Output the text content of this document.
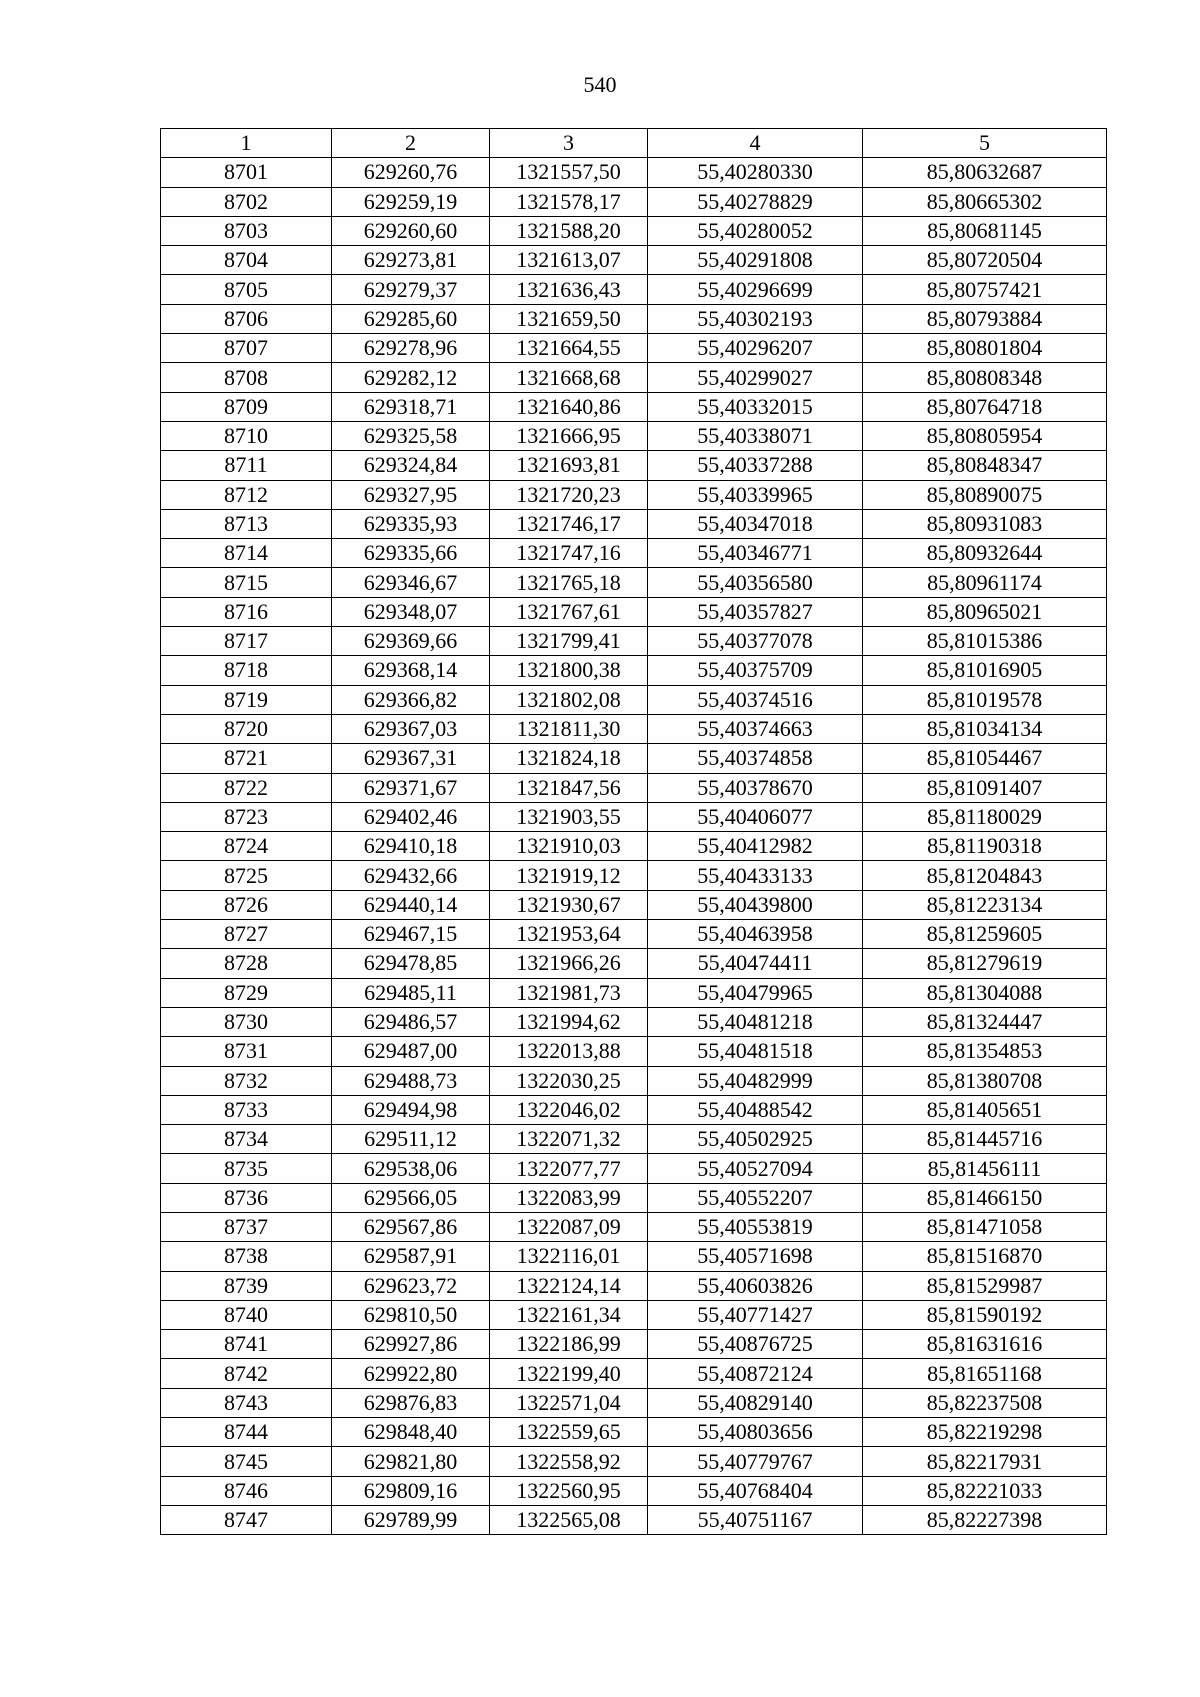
540
1	2	3	4	5
8701	629260,76	1321557,50	55,40280330	85,80632687
8702	629259,19	1321578,17	55,40278829	85,80665302
8703	629260,60	1321588,20	55,40280052	85,80681145
8704	629273,81	1321613,07	55,40291808	85,80720504
8705	629279,37	1321636,43	55,40296699	85,80757421
8706	629285,60	1321659,50	55,40302193	85,80793884
8707	629278,96	1321664,55	55,40296207	85,80801804
8708	629282,12	1321668,68	55,40299027	85,80808348
8709	629318,71	1321640,86	55,40332015	85,80764718
8710	629325,58	1321666,95	55,40338071	85,80805954
8711	629324,84	1321693,81	55,40337288	85,80848347
8712	629327,95	1321720,23	55,40339965	85,80890075
8713	629335,93	1321746,17	55,40347018	85,80931083
8714	629335,66	1321747,16	55,40346771	85,80932644
8715	629346,67	1321765,18	55,40356580	85,80961174
8716	629348,07	1321767,61	55,40357827	85,80965021
8717	629369,66	1321799,41	55,40377078	85,81015386
8718	629368,14	1321800,38	55,40375709	85,81016905
8719	629366,82	1321802,08	55,40374516	85,81019578
8720	629367,03	1321811,30	55,40374663	85,81034134
8721	629367,31	1321824,18	55,40374858	85,81054467
8722	629371,67	1321847,56	55,40378670	85,81091407
8723	629402,46	1321903,55	55,40406077	85,81180029
8724	629410,18	1321910,03	55,40412982	85,81190318
8725	629432,66	1321919,12	55,40433133	85,81204843
8726	629440,14	1321930,67	55,40439800	85,81223134
8727	629467,15	1321953,64	55,40463958	85,81259605
8728	629478,85	1321966,26	55,40474411	85,81279619
8729	629485,11	1321981,73	55,40479965	85,81304088
8730	629486,57	1321994,62	55,40481218	85,81324447
8731	629487,00	1322013,88	55,40481518	85,81354853
8732	629488,73	1322030,25	55,40482999	85,81380708
8733	629494,98	1322046,02	55,40488542	85,81405651
8734	629511,12	1322071,32	55,40502925	85,81445716
8735	629538,06	1322077,77	55,40527094	85,81456111
8736	629566,05	1322083,99	55,40552207	85,81466150
8737	629567,86	1322087,09	55,40553819	85,81471058
8738	629587,91	1322116,01	55,40571698	85,81516870
8739	629623,72	1322124,14	55,40603826	85,81529987
8740	629810,50	1322161,34	55,40771427	85,81590192
8741	629927,86	1322186,99	55,40876725	85,81631616
8742	629922,80	1322199,40	55,40872124	85,81651168
8743	629876,83	1322571,04	55,40829140	85,82237508
8744	629848,40	1322559,65	55,40803656	85,82219298
8745	629821,80	1322558,92	55,40779767	85,82217931
8746	629809,16	1322560,95	55,40768404	85,82221033
8747	629789,99	1322565,08	55,40751167	85,82227398
